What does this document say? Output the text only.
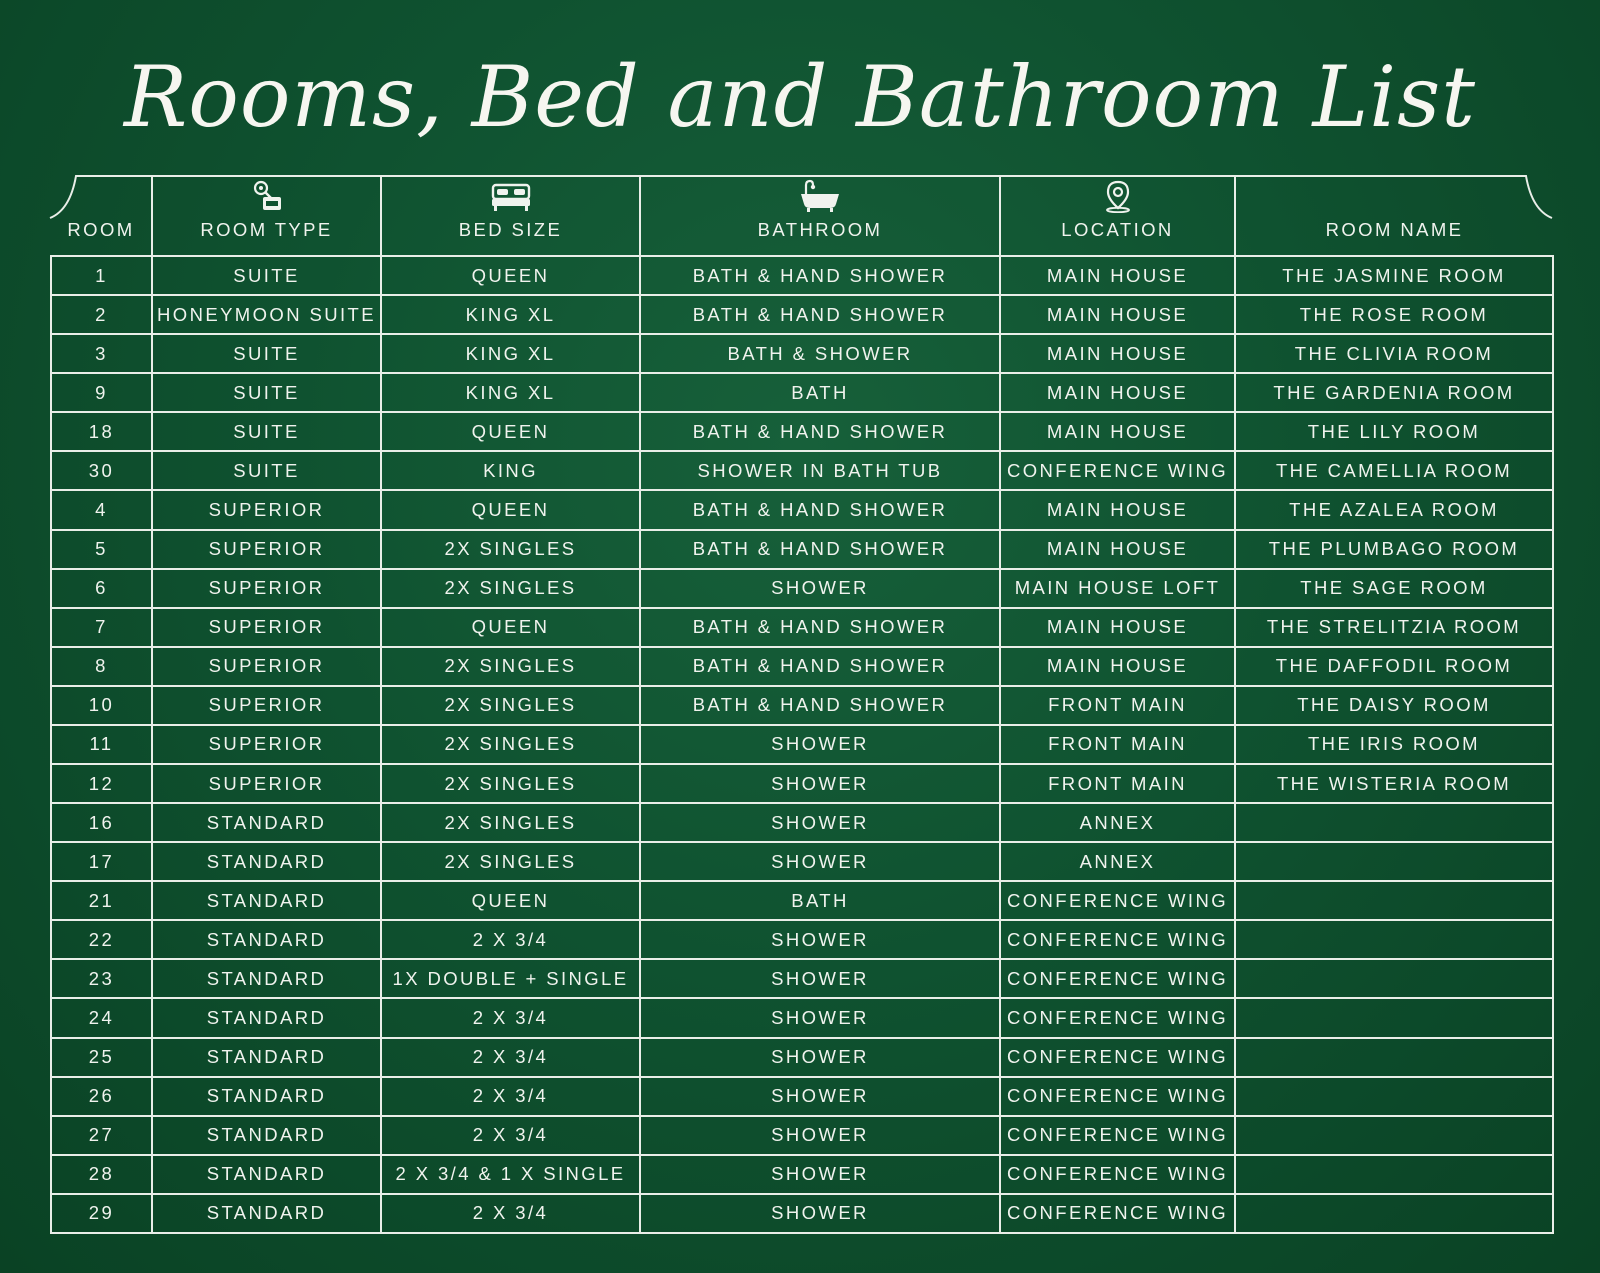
Rooms, Bed and Bathroom List
ROOM	ROOM TYPE	BED SIZE	BATHROOM	LOCATION	ROOM NAME
1	SUITE	QUEEN	BATH & HAND SHOWER	MAIN HOUSE	THE JASMINE ROOM
2	HONEYMOON SUITE	KING XL	BATH & HAND SHOWER	MAIN HOUSE	THE ROSE ROOM
3	SUITE	KING XL	BATH & SHOWER	MAIN HOUSE	THE CLIVIA ROOM
9	SUITE	KING XL	BATH	MAIN HOUSE	THE GARDENIA ROOM
18	SUITE	QUEEN	BATH & HAND SHOWER	MAIN HOUSE	THE LILY ROOM
30	SUITE	KING	SHOWER IN BATH TUB	CONFERENCE WING	THE CAMELLIA ROOM
4	SUPERIOR	QUEEN	BATH & HAND SHOWER	MAIN HOUSE	THE AZALEA ROOM
5	SUPERIOR	2X SINGLES	BATH & HAND SHOWER	MAIN HOUSE	THE PLUMBAGO ROOM
6	SUPERIOR	2X SINGLES	SHOWER	MAIN HOUSE LOFT	THE SAGE ROOM
7	SUPERIOR	QUEEN	BATH & HAND SHOWER	MAIN HOUSE	THE STRELITZIA ROOM
8	SUPERIOR	2X SINGLES	BATH & HAND SHOWER	MAIN HOUSE	THE DAFFODIL ROOM
10	SUPERIOR	2X SINGLES	BATH & HAND SHOWER	FRONT MAIN	THE DAISY ROOM
11	SUPERIOR	2X SINGLES	SHOWER	FRONT MAIN	THE IRIS ROOM
12	SUPERIOR	2X SINGLES	SHOWER	FRONT MAIN	THE WISTERIA ROOM
16	STANDARD	2X SINGLES	SHOWER	ANNEX	
17	STANDARD	2X SINGLES	SHOWER	ANNEX	
21	STANDARD	QUEEN	BATH	CONFERENCE WING	
22	STANDARD	2 X 3/4	SHOWER	CONFERENCE WING	
23	STANDARD	1X DOUBLE + SINGLE	SHOWER	CONFERENCE WING	
24	STANDARD	2 X 3/4	SHOWER	CONFERENCE WING	
25	STANDARD	2 X 3/4	SHOWER	CONFERENCE WING	
26	STANDARD	2 X 3/4	SHOWER	CONFERENCE WING	
27	STANDARD	2 X 3/4	SHOWER	CONFERENCE WING	
28	STANDARD	2 X 3/4 & 1 X SINGLE	SHOWER	CONFERENCE WING	
29	STANDARD	2 X 3/4	SHOWER	CONFERENCE WING	
